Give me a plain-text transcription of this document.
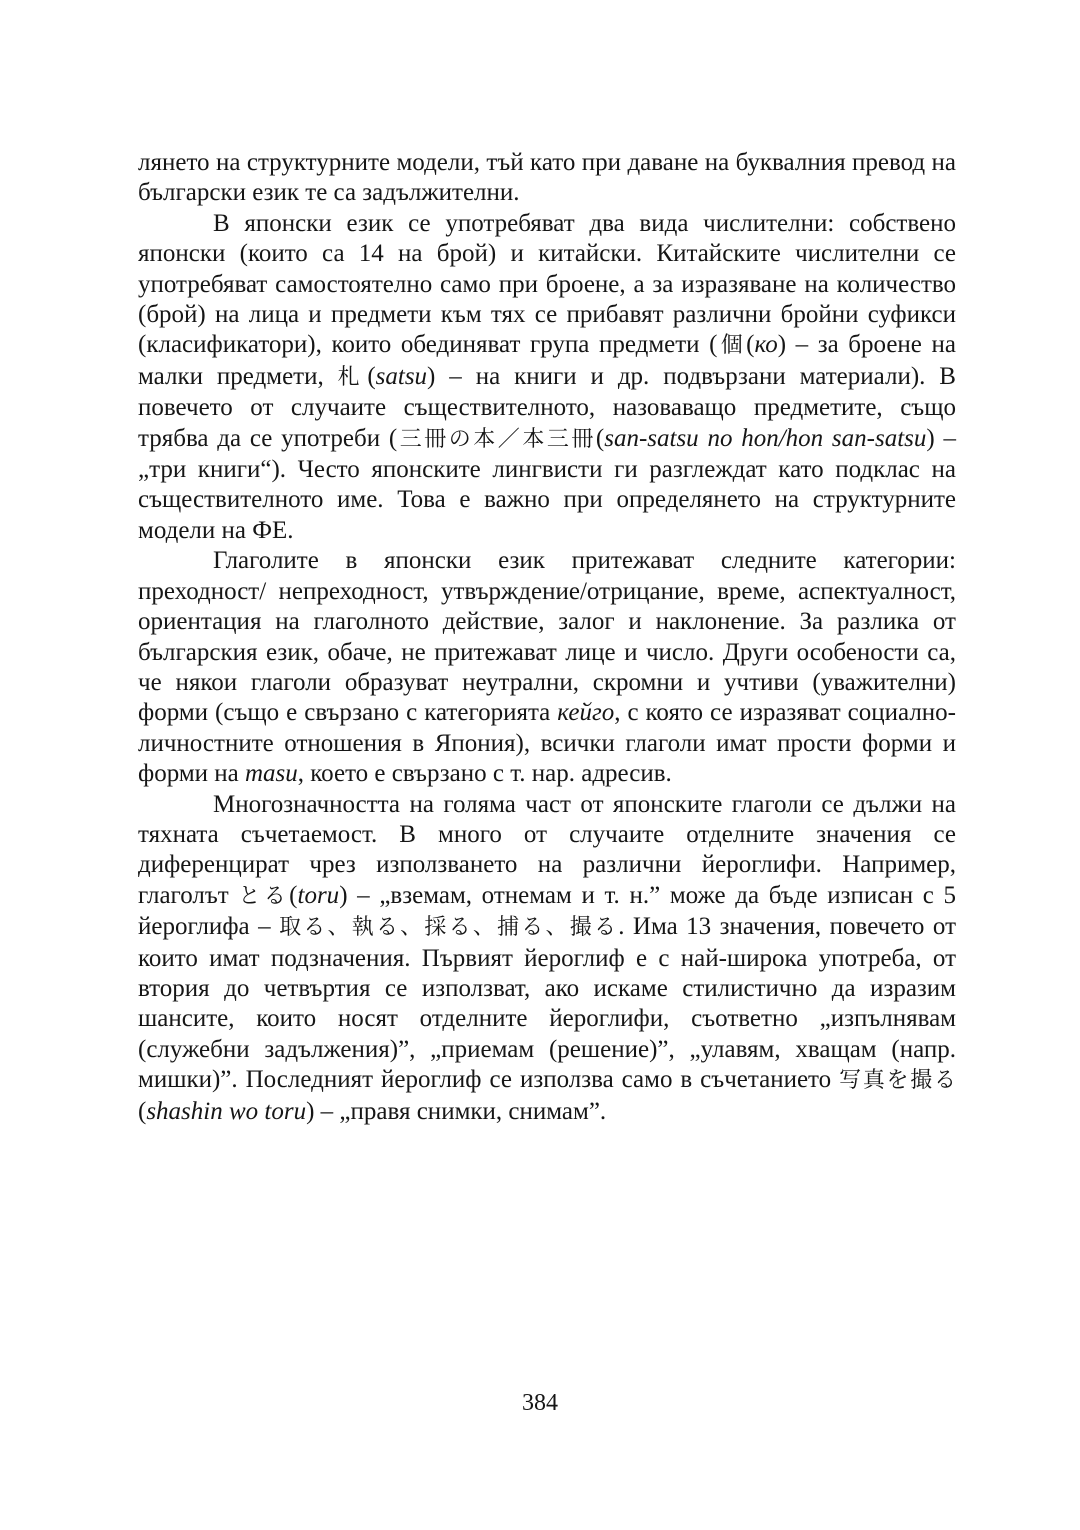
лянето на структурните модели, тъй като при даване на буквалния превод на български език те са задължителни.

В японски език се употребяват два вида числителни: собствено японски (които са 14 на брой) и китайски. Китайските числителни се употребяват самостоятелно само при броене, а за изразяване на количество (брой) на лица и предмети към тях се прибавят различни бройни суфикси (класификатори), които обединяват група предмети (個(ко) – за броене на малки предмети, 札(satsu) – на книги и др. подвързани материали). В повечето от случаите съществителното, назоваващо предметите, също трябва да се употреби (三冊の本／本三冊(san-satsu no hon/hon san-satsu) – „три книги“). Често японските лингвисти ги разглеждат като подклас на съществителното име. Това е важно при определянето на структурните модели на ФЕ.

Глаголите в японски език притежават следните категории: преходност/ непреходност, утвърждение/отрицание, време, аспектуалност, ориентация на глаголното действие, залог и наклонение. За разлика от българския език, обаче, не притежават лице и число. Други особености са, че някои глаголи образуват неутрални, скромни и учтиви (уважителни) форми (също е свързано с категорията кейго, с която се изразяват социално-личностните отношения в Япония), всички глаголи имат прости форми и форми на masu, което е свързано с т. нар. адресив.

Многозначността на голяма част от японските глаголи се дължи на тяхната съчетаемост. В много от случаите отделните значения се диференцират чрез използването на различни йероглифи. Например, глаголът とる(toru) – „вземам, отнемам и т. н.” може да бъде изписан с 5 йероглифа – 取る、執る、採る、捕る、撮る. Има 13 значения, повечето от които имат подзначения. Първият йероглиф е с най-широка употреба, от втория до четвъртия се използват, ако искаме стилистично да изразим шансите, които носят отделните йероглифи, съответно „изпълнявам (служебни задължения)”, „приемам (решение)”, „улавям, хващам (напр. мишки)”. Последният йероглиф се използва само в съчетанието 写真を撮る (shashin wo toru) – „правя снимки, снимам”.

384
